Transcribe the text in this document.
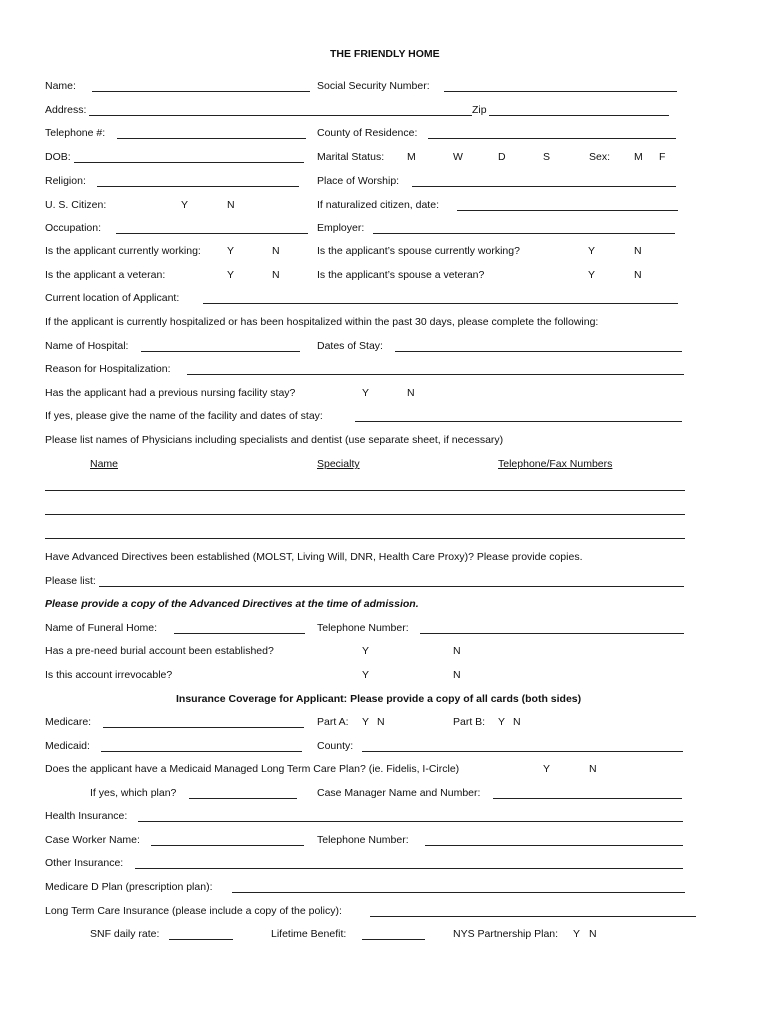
THE FRIENDLY HOME
Name:	Social Security Number:
Address:	Zip
Telephone #:	County of Residence:
DOB:	Marital Status: M	W	D	S	Sex: M F
Religion:	Place of Worship:
U. S. Citizen:	Y	N	If naturalized citizen, date:
Occupation:	Employer:
Is the applicant currently working: Y	N	Is the applicant’s spouse currently working?	Y	N
Is the applicant a veteran:	Y	N	Is the applicant’s spouse a veteran?	Y	N
Current location of Applicant:
If the applicant is currently hospitalized or has been hospitalized within the past 30 days, please complete the following:
Name of Hospital:	Dates of Stay:
Reason for Hospitalization:
Has the applicant had a previous nursing facility stay?	Y	N
If yes, please give the name of the facility and dates of stay:
Please list names of Physicians including specialists and dentist (use separate sheet, if necessary)
Name	Specialty	Telephone/Fax Numbers
Have Advanced Directives been established (MOLST, Living Will, DNR, Health Care Proxy)? Please provide copies.
Please list:
Please provide a copy of the Advanced Directives at the time of admission.
Name of Funeral Home:	Telephone Number:
Has a pre-need burial account been established?	Y	N
Is this account irrevocable?	Y	N
Insurance Coverage for Applicant: Please provide a copy of all cards (both sides)
Medicare:	Part A: Y N	Part B: Y N
Medicaid:	County:
Does the applicant have a Medicaid Managed Long Term Care Plan? (ie. Fidelis, I-Circle)	Y	N
If yes, which plan?	Case Manager Name and Number:
Health Insurance:
Case Worker Name:	Telephone Number:
Other Insurance:
Medicare D Plan (prescription plan):
Long Term Care Insurance (please include a copy of the policy):
SNF daily rate:	Lifetime Benefit:	NYS Partnership Plan: Y N
